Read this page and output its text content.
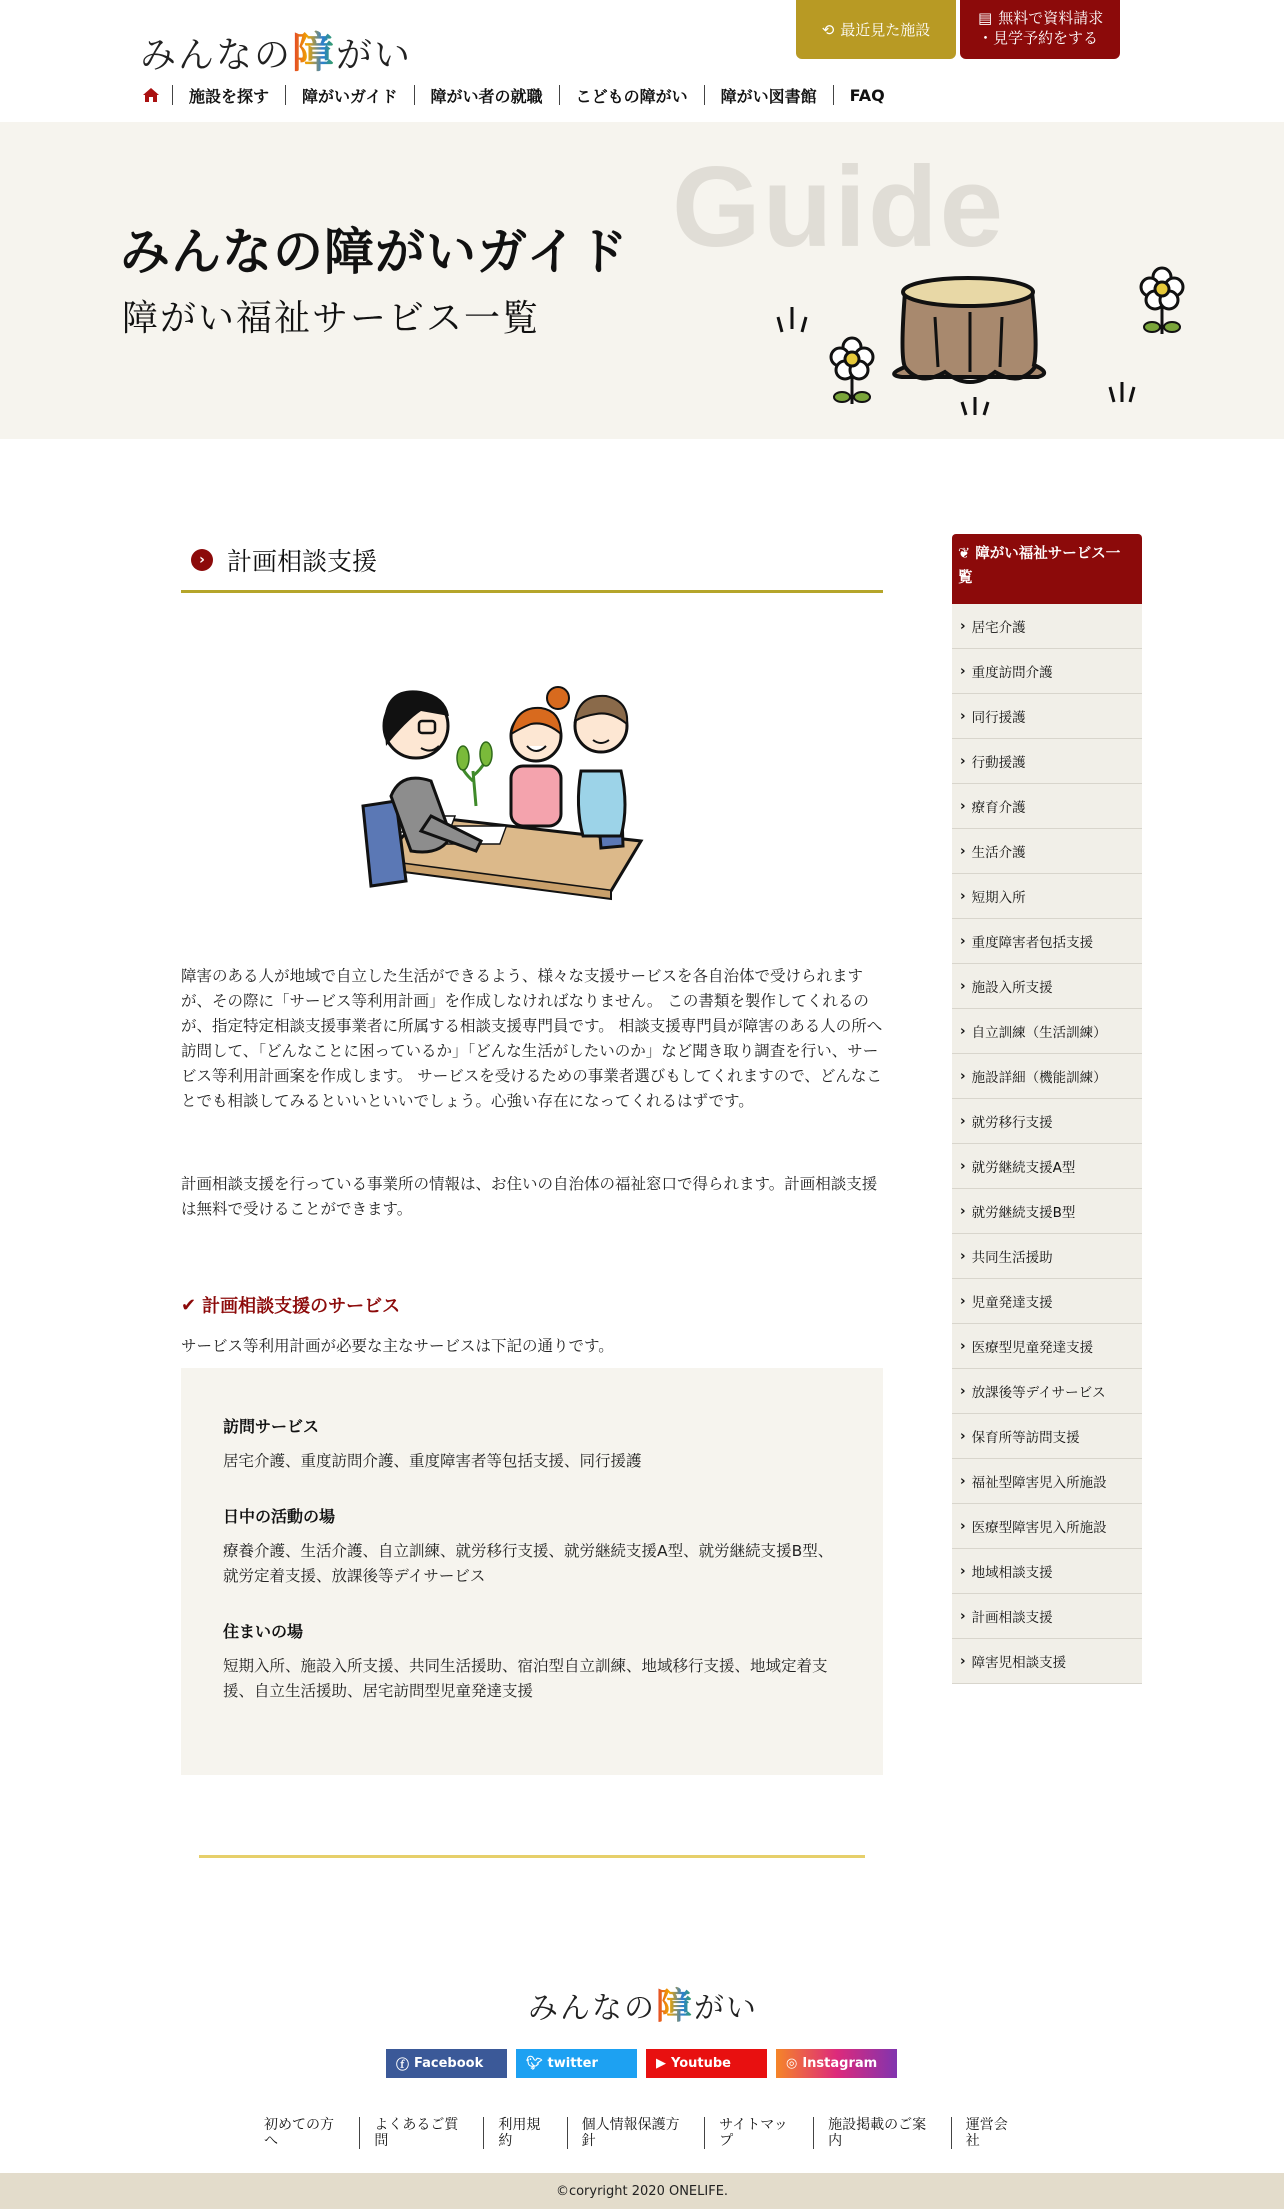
みんなの障がい
⟲ 最近見た施設
▤ 無料で資料請求
・見学予約をする
施設を探す	障がいガイド	障がい者の就職	こどもの障がい	障がい図書館	FAQ
Guide
みんなの障がいガイド
障がい福祉サービス一覧
› 計画相談支援

障害のある人が地域で自立した生活ができるよう、様々な支援サービスを各自治体で受けられますが、その際に「サービス等利用計画」を作成しなければなりません。 この書類を製作してくれるのが、指定特定相談支援事業者に所属する相談支援専門員です。 相談支援専門員が障害のある人の所へ訪問して、「どんなことに困っているか」「どんな生活がしたいのか」など聞き取り調査を行い、サービス等利用計画案を作成します。 サービスを受けるための事業者選びもしてくれますので、どんなことでも相談してみるといいといいでしょう。心強い存在になってくれるはずです。

計画相談支援を行っている事業所の情報は、お住いの自治体の福祉窓口で得られます。計画相談支援は無料で受けることができます。

✔ 計画相談支援のサービス
サービス等利用計画が必要な主なサービスは下記の通りです。
訪問サービス

居宅介護、重度訪問介護、重度障害者等包括支援、同行援護

日中の活動の場

療養介護、生活介護、自立訓練、就労移行支援、就労継続支援A型、就労継続支援B型、就労定着支援、放課後等デイサービス

住まいの場

短期入所、施設入所支援、共同生活援助、宿泊型自立訓練、地域移行支援、地域定着支援、自立生活援助、居宅訪問型児童発達支援

❦ 障がい福祉サービス一覧
› 居宅介護
› 重度訪問介護
› 同行援護
› 行動援護
› 療育介護
› 生活介護
› 短期入所
› 重度障害者包括支援
› 施設入所支援
› 自立訓練（生活訓練）
› 施設詳細（機能訓練）
› 就労移行支援
› 就労継続支援A型
› 就労継続支援B型
› 共同生活援助
› 児童発達支援
› 医療型児童発達支援
› 放課後等デイサービス
› 保育所等訪問支援
› 福祉型障害児入所施設
› 医療型障害児入所施設
› 地域相談支援
› 計画相談支援
› 障害児相談支援
みんなの障がい
ⓕ Facebook	🐦︎ twitter	▶ Youtube	◎ Instagram
初めての方へ
よくあるご質問
利用規約
個人情報保護方針
サイトマップ
施設掲載のご案内
運営会社
©coryright 2020 ONELIFE.
